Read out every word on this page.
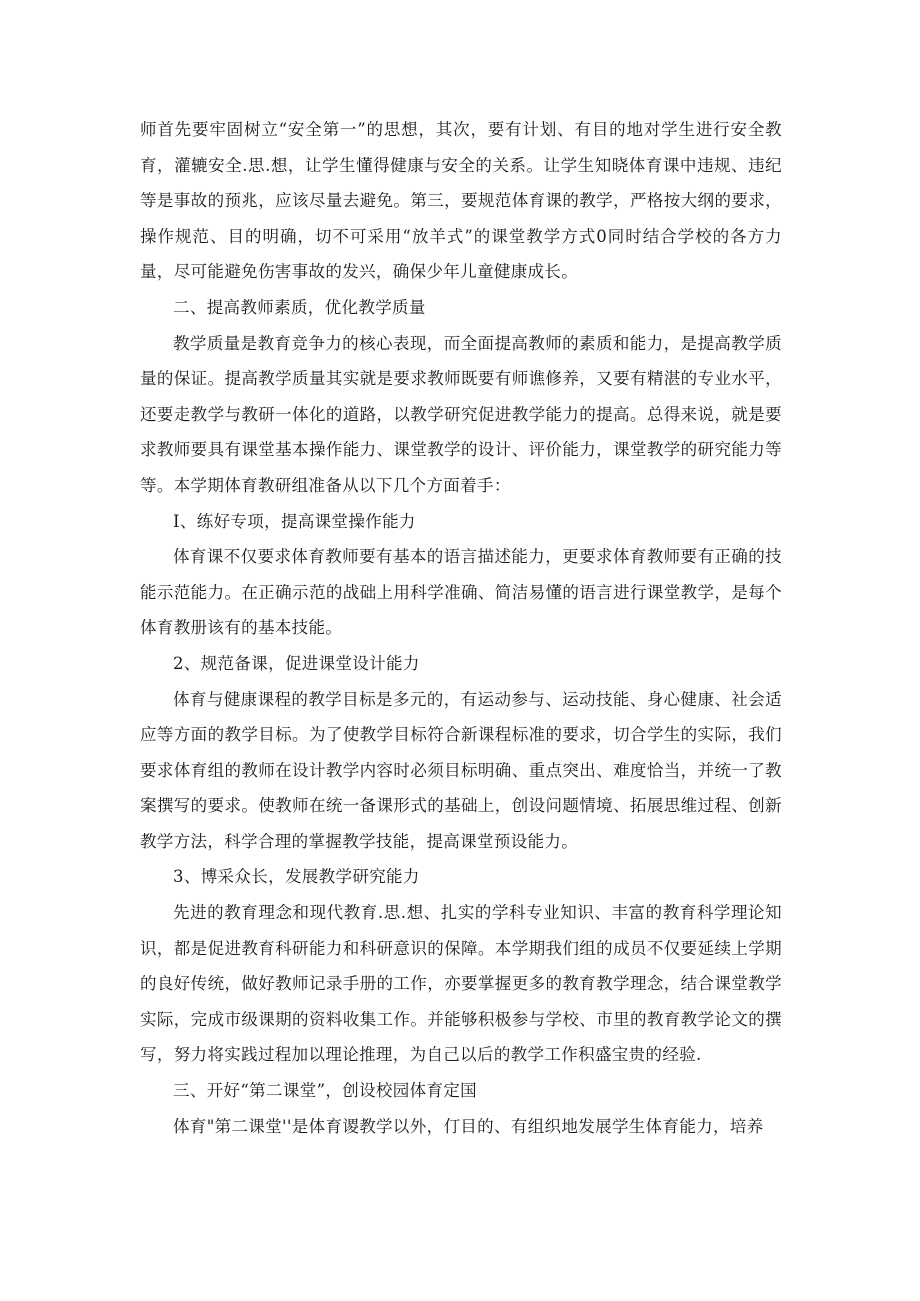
师首先要牢固树立“安全第一”的思想，其次，要有计划、有目的地对学生进行安全教育，灌辘安全.思.想，让学生懂得健康与安全的关系。让学生知晓体育课中违规、违纪等是事故的预兆，应该尽量去避免。第三，要规范体育课的教学，严格按大纲的要求，操作规范、目的明确，切不可采用“放羊式”的课堂教学方式0同时结合学校的各方力量，尽可能避免伤害事故的发兴，确保少年儿童健康成长。

二、提高教师素质，优化教学质量

教学质量是教育竞争力的核心表现，而全面提高教师的素质和能力，是提高教学质量的保证。提高教学质量其实就是要求教师既要有师谯修养，又要有精湛的专业水平，还要走教学与教研一体化的道路，以教学研究促进教学能力的提高。总得来说，就是要求教师要具有课堂基本操作能力、课堂教学的设计、评价能力，课堂教学的研究能力等等。本学期体育教研组准备从以下几个方面着手：

I、练好专项，提高课堂操作能力

体育课不仅要求体育教师要有基本的语言描述能力，更要求体育教师要有正确的技能示范能力。在正确示范的战础上用科学准确、简洁易懂的语言进行课堂教学，是每个体育教册该有的基本技能。

2、规范备课，促进课堂设计能力

体育与健康课程的教学目标是多元的，有运动参与、运动技能、身心健康、社会适应等方面的教学目标。为了使教学目标符合新课程标准的要求，切合学生的实际，我们要求体育组的教师在设计教学内容时必须目标明确、重点突出、难度恰当，并统一了教案撰写的要求。使教师在统一备课形式的基础上，创设问题情境、拓展思维过程、创新教学方法，科学合理的掌握教学技能，提高课堂预设能力。

3、博采众长，发展教学研究能力

先进的教育理念和现代教育.思.想、扎实的学科专业知识、丰富的教育科学理论知识，都是促进教育科研能力和科研意识的保障。本学期我们组的成员不仅要延续上学期的良好传统，做好教师记录手册的工作，亦要掌握更多的教育教学理念，结合课堂教学实际，完成市级课期的资料收集工作。并能够积极参与学校、市里的教育教学论文的撰写，努力将实践过程加以理论推理，为自己以后的教学工作积盛宝贵的经验.

三、开好“第二课堂”，创设校园体育定国

体育"第二课堂''是体育谡教学以外，仃目的、有组织地发展学生体育能力，培养
